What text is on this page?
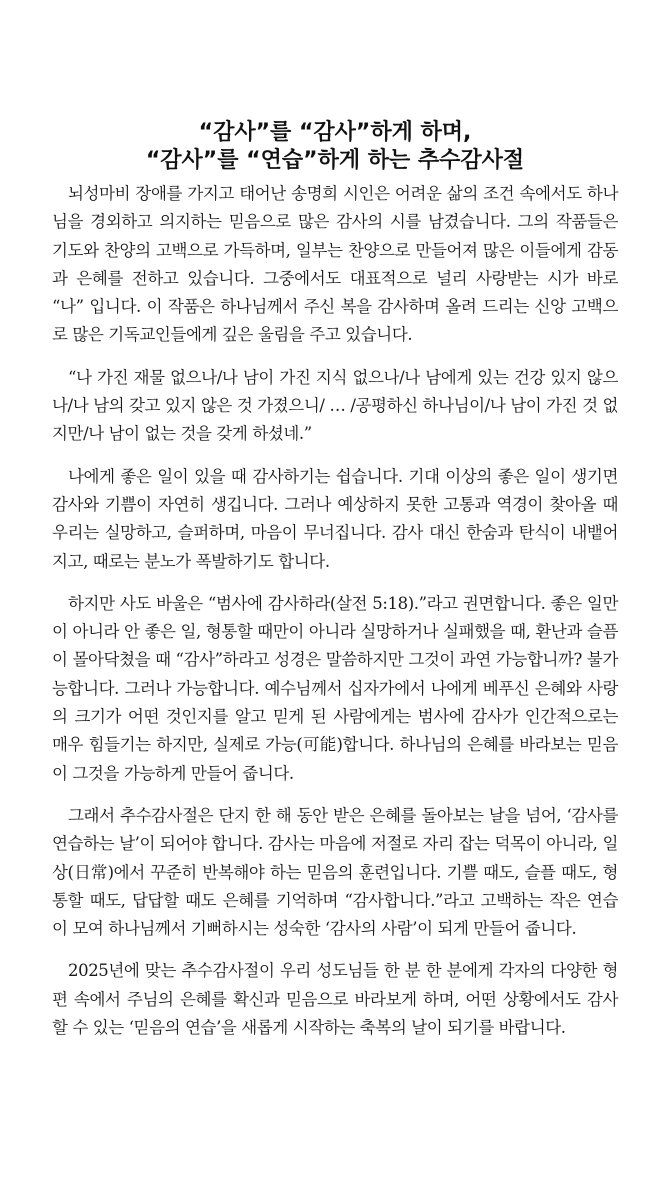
“감사”를 “감사”하게 하며,
“감사”를 “연습”하게 하는 추수감사절

뇌성마비 장애를 가지고 태어난 송명희 시인은 어려운 삶의 조건 속에서도 하나님을 경외하고 의지하는 믿음으로 많은 감사의 시를 남겼습니다. 그의 작품들은 기도와 찬양의 고백으로 가득하며, 일부는 찬양으로 만들어져 많은 이들에게 감동과 은혜를 전하고 있습니다. 그중에서도 대표적으로 널리 사랑받는 시가 바로 “나” 입니다. 이 작품은 하나님께서 주신 복을 감사하며 올려 드리는 신앙 고백으로 많은 기독교인들에게 깊은 울림을 주고 있습니다.

“나 가진 재물 없으나/나 남이 가진 지식 없으나/나 남에게 있는 건강 있지 않으나/나 남의 갖고 있지 않은 것 가졌으니/ … /공평하신 하나님이/나 남이 가진 것 없지만/나 남이 없는 것을 갖게 하셨네.”

나에게 좋은 일이 있을 때 감사하기는 쉽습니다. 기대 이상의 좋은 일이 생기면 감사와 기쁨이 자연히 생깁니다. 그러나 예상하지 못한 고통과 역경이 찾아올 때 우리는 실망하고, 슬퍼하며, 마음이 무너집니다. 감사 대신 한숨과 탄식이 내뱉어지고, 때로는 분노가 폭발하기도 합니다.

하지만 사도 바울은 “범사에 감사하라(살전 5:18).”라고 권면합니다. 좋은 일만이 아니라 안 좋은 일, 형통할 때만이 아니라 실망하거나 실패했을 때, 환난과 슬픔이 몰아닥쳤을 때 “감사”하라고 성경은 말씀하지만 그것이 과연 가능합니까? 불가능합니다. 그러나 가능합니다. 예수님께서 십자가에서 나에게 베푸신 은혜와 사랑의 크기가 어떤 것인지를 알고 믿게 된 사람에게는 범사에 감사가 인간적으로는 매우 힘들기는 하지만, 실제로 가능(可能)합니다. 하나님의 은혜를 바라보는 믿음이 그것을 가능하게 만들어 줍니다.

그래서 추수감사절은 단지 한 해 동안 받은 은혜를 돌아보는 날을 넘어, ‘감사를 연습하는 날’이 되어야 합니다. 감사는 마음에 저절로 자리 잡는 덕목이 아니라, 일상(日常)에서 꾸준히 반복해야 하는 믿음의 훈련입니다. 기쁠 때도, 슬플 때도, 형통할 때도, 답답할 때도 은혜를 기억하며 “감사합니다.”라고 고백하는 작은 연습이 모여 하나님께서 기뻐하시는 성숙한 ‘감사의 사람’이 되게 만들어 줍니다.

2025년에 맞는 추수감사절이 우리 성도님들 한 분 한 분에게 각자의 다양한 형편 속에서 주님의 은혜를 확신과 믿음으로 바라보게 하며, 어떤 상황에서도 감사할 수 있는 ‘믿음의 연습’을 새롭게 시작하는 축복의 날이 되기를 바랍니다.
